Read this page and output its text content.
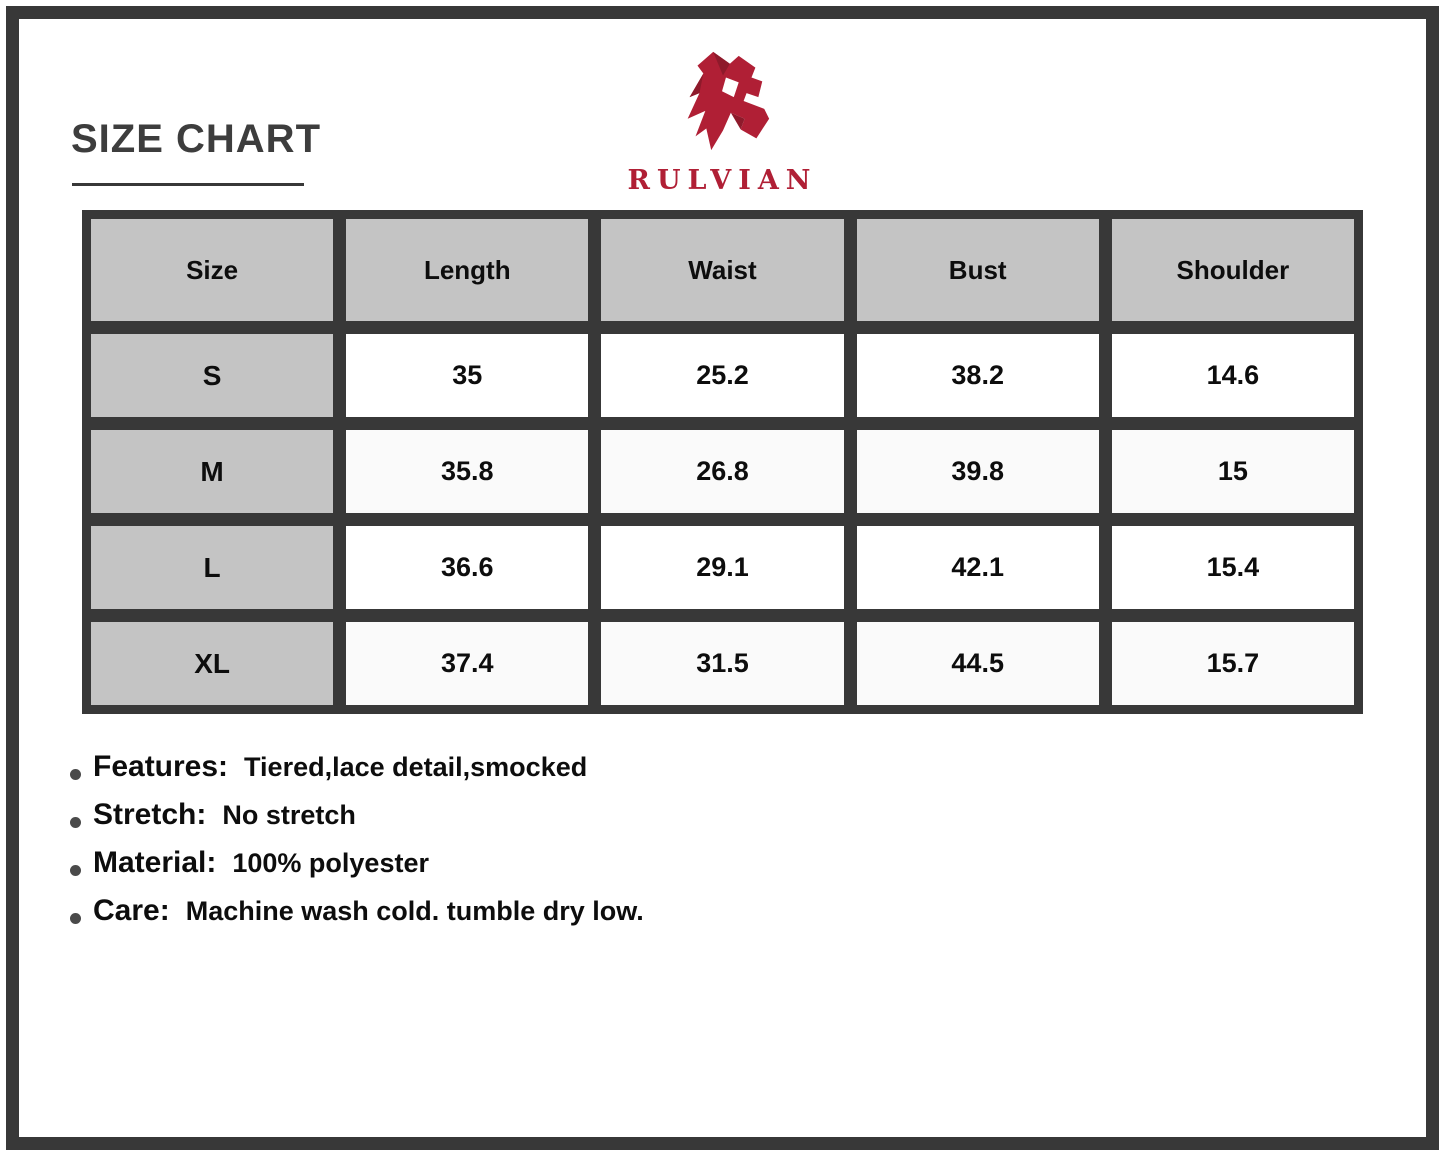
SIZE CHART
RULVIAN
Size	Length	Waist	Bust	Shoulder
S	35	25.2	38.2	14.6
M	35.8	26.8	39.8	15
L	36.6	29.1	42.1	15.4
XL	37.4	31.5	44.5	15.7
Features: Tiered,lace detail,smocked
Stretch: No stretch
Material: 100% polyester
Care: Machine wash cold. tumble dry low.
